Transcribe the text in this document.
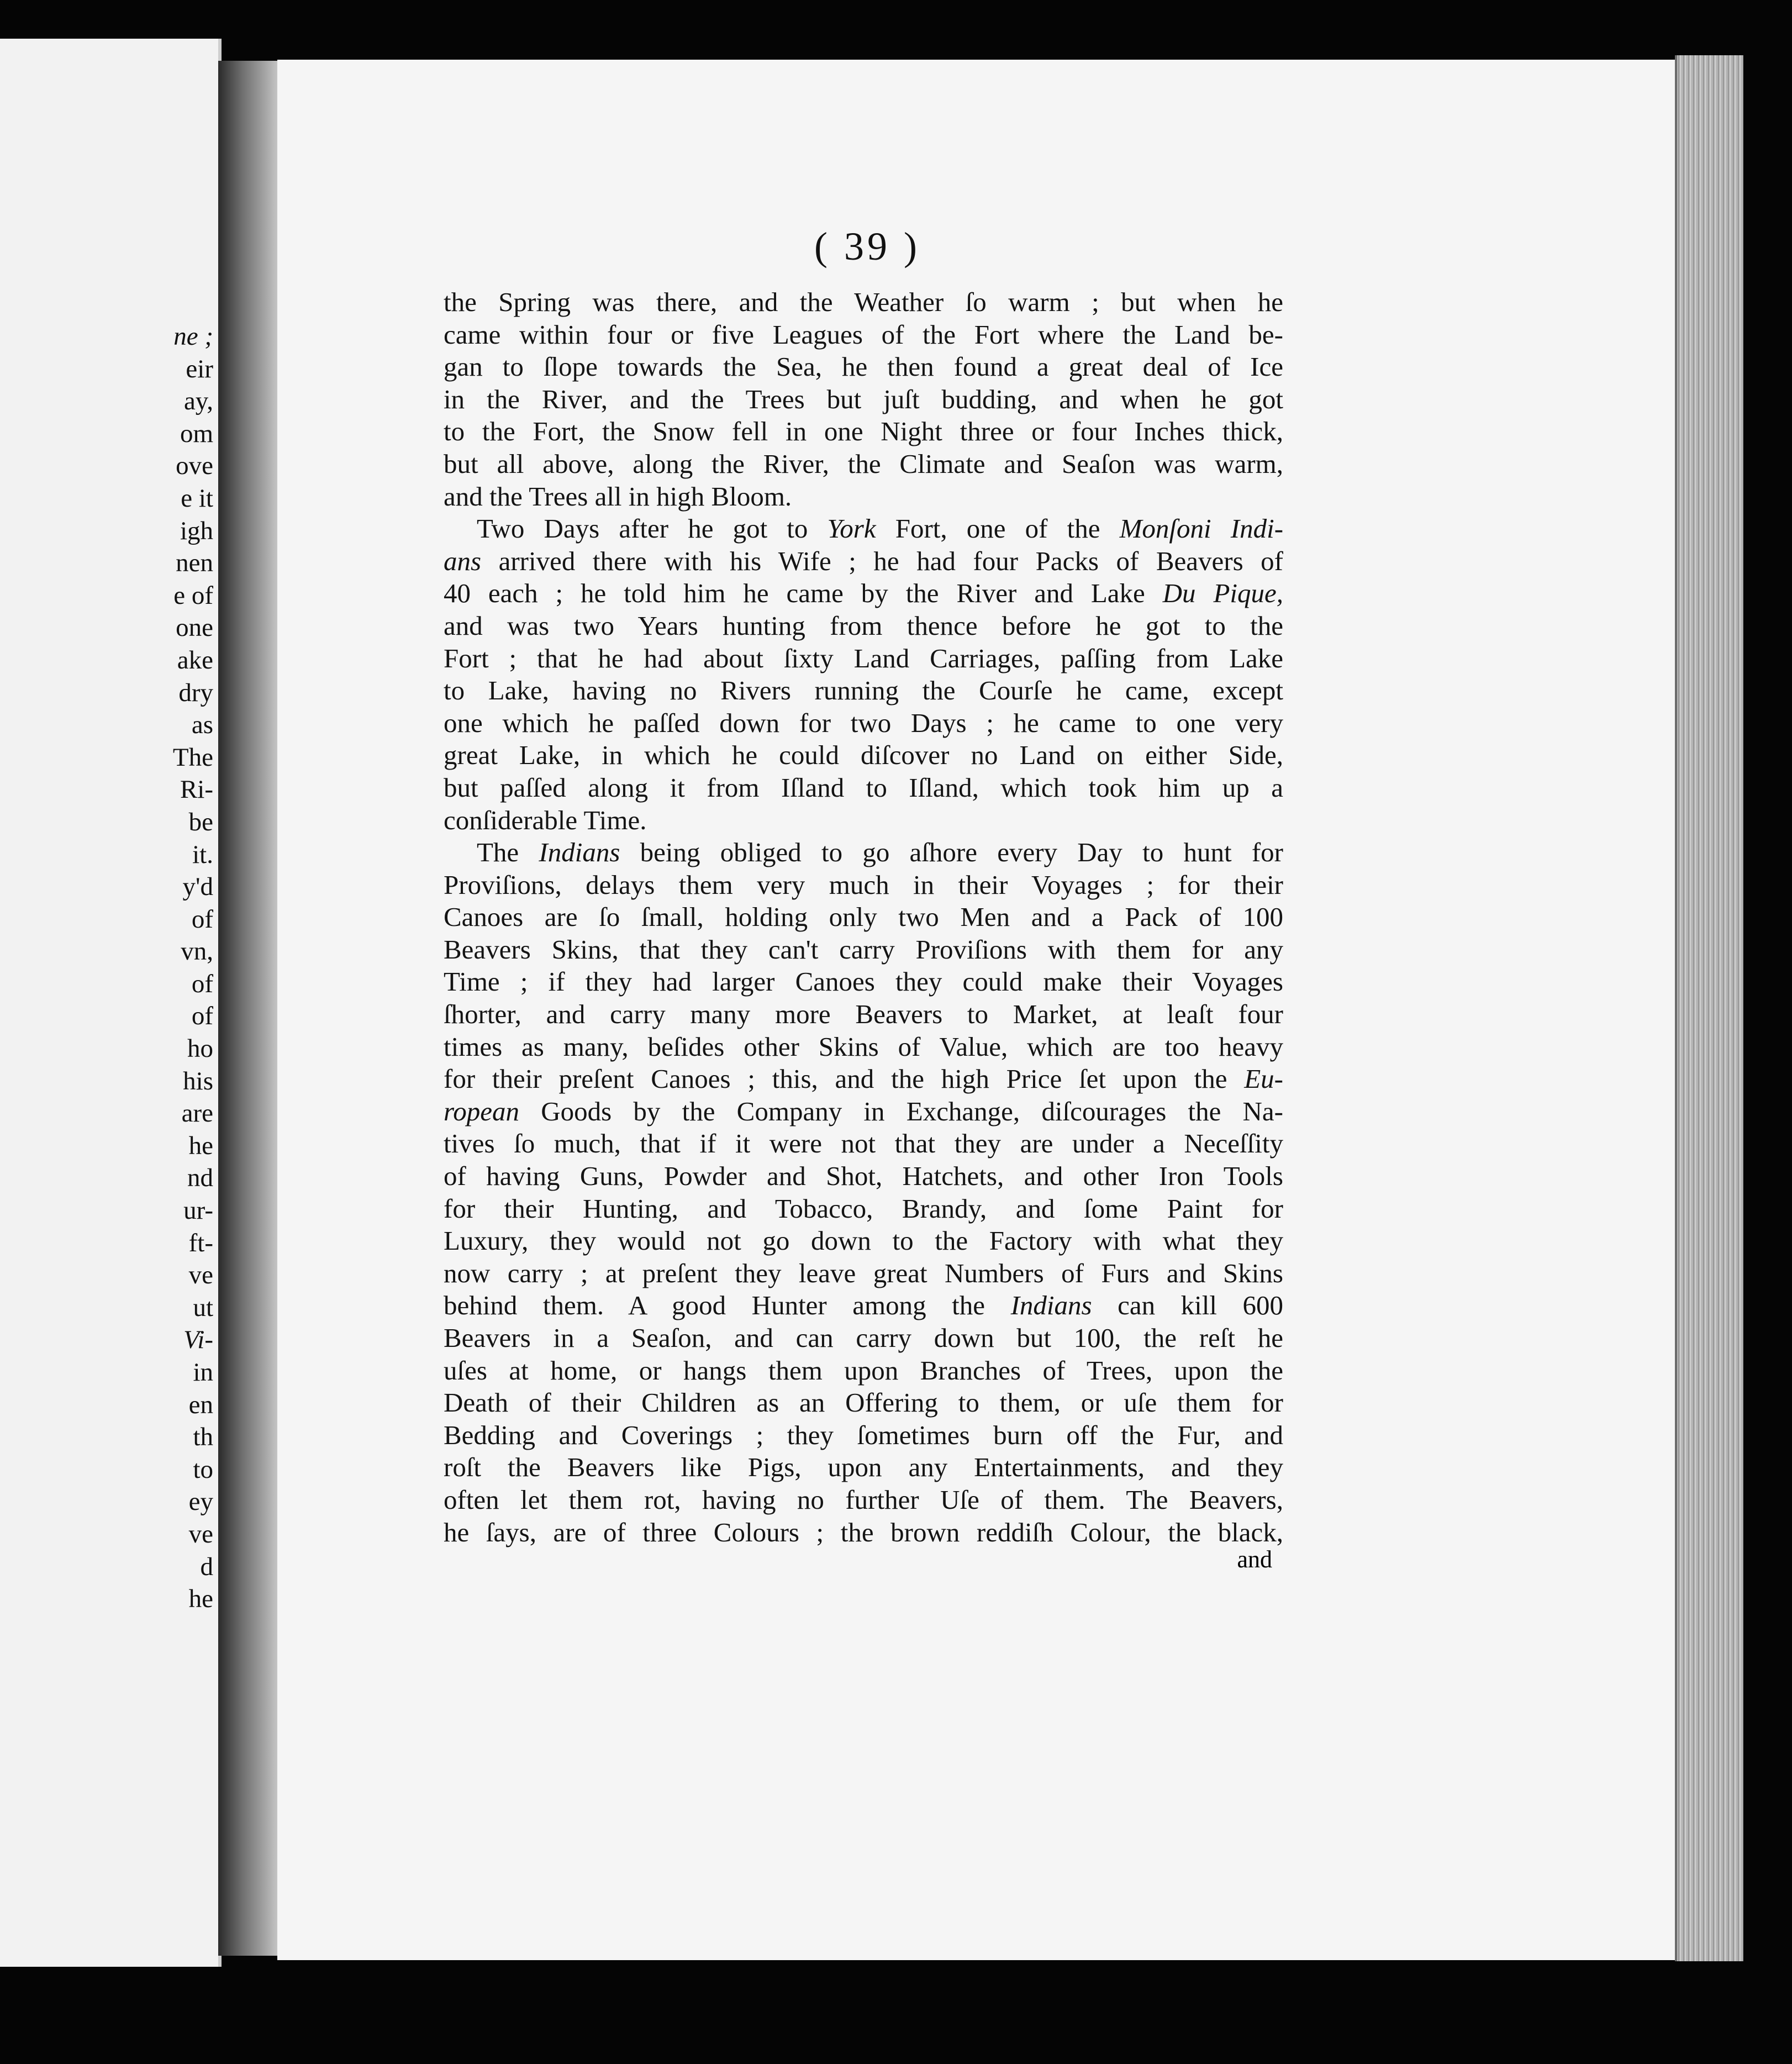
ne ;
eir
ay,
om
ove
e it
igh
nen
e of
one
ake
dry
as
The
Ri-
be
it.
y'd
of
vn,
of
of
ho
his
are
he
nd
ur-
ft-
ve
ut
Vi-
in
en
th
to
ey
ve
d
he
( 39 )
the Spring was there, and the Weather ſo warm ; but when he
came within four or five Leagues of the Fort where the Land be-
gan to ſlope towards the Sea, he then found a great deal of Ice
in the River, and the Trees but juſt budding, and when he got
to the Fort, the Snow fell in one Night three or four Inches thick,
but all above, along the River, the Climate and Seaſon was warm,
and the Trees all in high Bloom.
Two Days after he got to York Fort, one of the Monſoni Indi-
ans arrived there with his Wife ; he had four Packs of Beavers of
40 each ; he told him he came by the River and Lake Du Pique,
and was two Years hunting from thence before he got to the
Fort ; that he had about ſixty Land Carriages, paſſing from Lake
to Lake, having no Rivers running the Courſe he came, except
one which he paſſed down for two Days ; he came to one very
great Lake, in which he could diſcover no Land on either Side,
but paſſed along it from Iſland to Iſland, which took him up a
conſiderable Time.
The Indians being obliged to go aſhore every Day to hunt for
Proviſions, delays them very much in their Voyages ; for their
Canoes are ſo ſmall, holding only two Men and a Pack of 100
Beavers Skins, that they can't carry Proviſions with them for any
Time ; if they had larger Canoes they could make their Voyages
ſhorter, and carry many more Beavers to Market, at leaſt four
times as many, beſides other Skins of Value, which are too heavy
for their preſent Canoes ; this, and the high Price ſet upon the Eu-
ropean Goods by the Company in Exchange, diſcourages the Na-
tives ſo much, that if it were not that they are under a Neceſſity
of having Guns, Powder and Shot, Hatchets, and other Iron Tools
for their Hunting, and Tobacco, Brandy, and ſome Paint for
Luxury, they would not go down to the Factory with what they
now carry ; at preſent they leave great Numbers of Furs and Skins
behind them. A good Hunter among the Indians can kill 600
Beavers in a Seaſon, and can carry down but 100, the reſt he
uſes at home, or hangs them upon Branches of Trees, upon the
Death of their Children as an Offering to them, or uſe them for
Bedding and Coverings ; they ſometimes burn off the Fur, and
roſt the Beavers like Pigs, upon any Entertainments, and they
often let them rot, having no further Uſe of them. The Beavers,
he ſays, are of three Colours ; the brown reddiſh Colour, the black,
and
